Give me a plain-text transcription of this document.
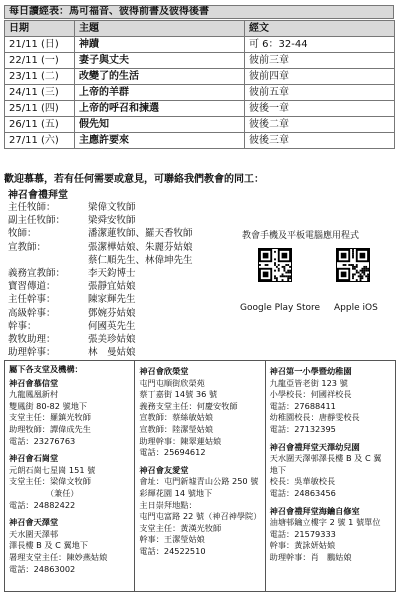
每日讀經表：馬可福音、彼得前書及彼得後書
日期	主題	經文
21/11 (日)	神蹟	可 6：32-44
22/11 (一)	妻子與丈夫	彼前三章
23/11 (二)	改變了的生活	彼前四章
24/11 (三)	上帝的羊群	彼前五章
25/11 (四)	上帝的呼召和揀選	彼後一章
26/11 (五)	假先知	彼後二章
27/11 (六)	主應許要來	彼後三章
歡迎慕慕，若有任何需要或意見，可聯絡我們教會的同工：
神召會禮拜堂
主任牧師：	梁偉文牧師
副主任牧師：	梁舜安牧師
牧師：	潘潔蓮牧師、羅天香牧師
宣教師：	張潔樺姑娘、朱麗芬姑娘
蔡仁順先生、林偉坤先生
義務宣教師：	李天鈞博士
寶習傳道：	張靜宜姑娘
主任幹事：	陳家輝先生
高級幹事：	鄧婉芬姑娘
幹事：	何國英先生
教牧助理：	張美珍姑娘
助理幹事：	林　曼姑娘
教會手機及平板電腦應用程式
Google Play Store Apple iOS
屬下各支堂及機構：
神召會慕信堂
九龍鳳凰新村
雙鳳街 80-82 號地下
支堂主任：羅鎮光牧師
助理牧師：譚偉成先生
電話：23276763
神召會石崗堂
元朗石崗七星崗 151 號
支堂主任：梁偉文牧師
　　　　　（兼任）
電話：24882422
神召會天澤堂
天水圍天澤邨
澤長樓 B 及 C 翼地下
署理支堂主任：陳妙燕姑娘
電話：24863002
神召會欣榮堂
屯門屯順街欣榮苑
蔡丁嘉街 14號 36 號
義務支堂主任：何慶安牧師
宣教師：蔡絲敏姑娘
宣教師：陸潔瑩姑娘
助理幹事：陳翠蓮姑娘
電話：25694612
神召會友愛堂
會址：屯門新墟青山公路 250 號
彩輝花園 14 號地下
主日崇拜地點：
屯門屯富路 22 號（神召神學院）
支堂主任：黃漢光牧師
幹事：王潔瑩姑娘
電話：24522510
神召第一小學暨幼稚園
九龍亞皆老街 123 號
小學校長：何國祥校長
電話：27688411
幼稚園校長：唐靜雯校長
電話：27132395
神召會禮拜堂天澤幼兒園
天水圍天澤邨澤長樓 B 及 C 翼
地下
校長：吳華敏校長
電話：24863456
神召會禮拜堂海鑰自修室
油塘邨鑰立樓字 2 號 1 號單位
電話：21579333
幹事：黃詠妍姑娘
助理幹事：肖　鵬姑娘
